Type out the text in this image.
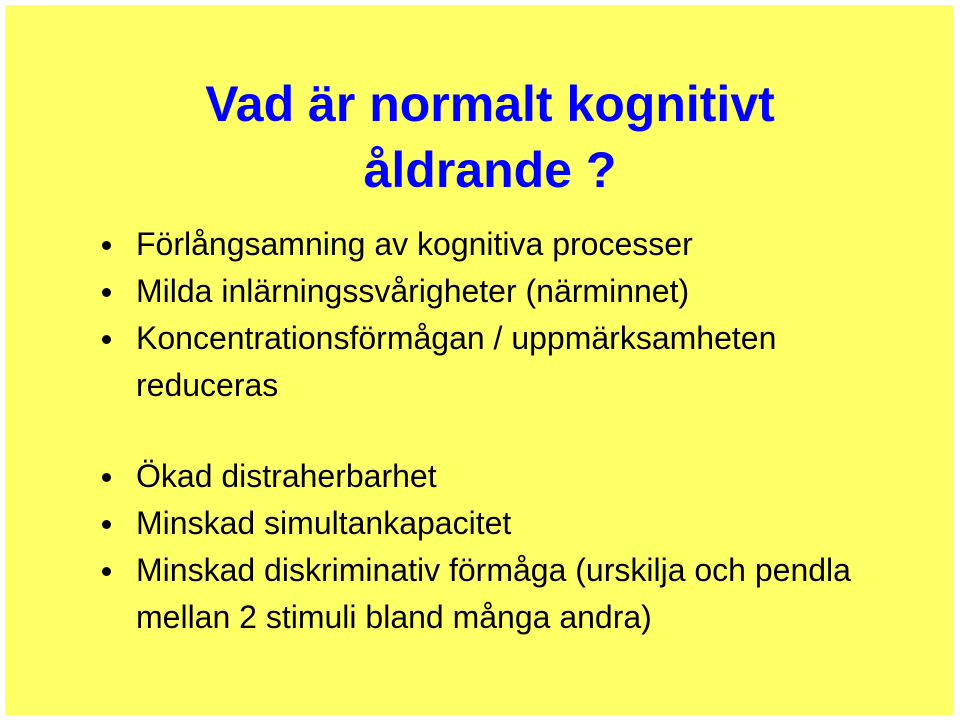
Vad är normalt kognitivt
åldrande ?
Förlångsamning av kognitiva processer
Milda inlärningssvårigheter (närminnet)
Koncentrationsförmågan / uppmärksamheten reduceras
Ökad distraherbarhet
Minskad simultankapacitet
Minskad diskriminativ förmåga (urskilja och pendla mellan 2 stimuli bland många andra)
